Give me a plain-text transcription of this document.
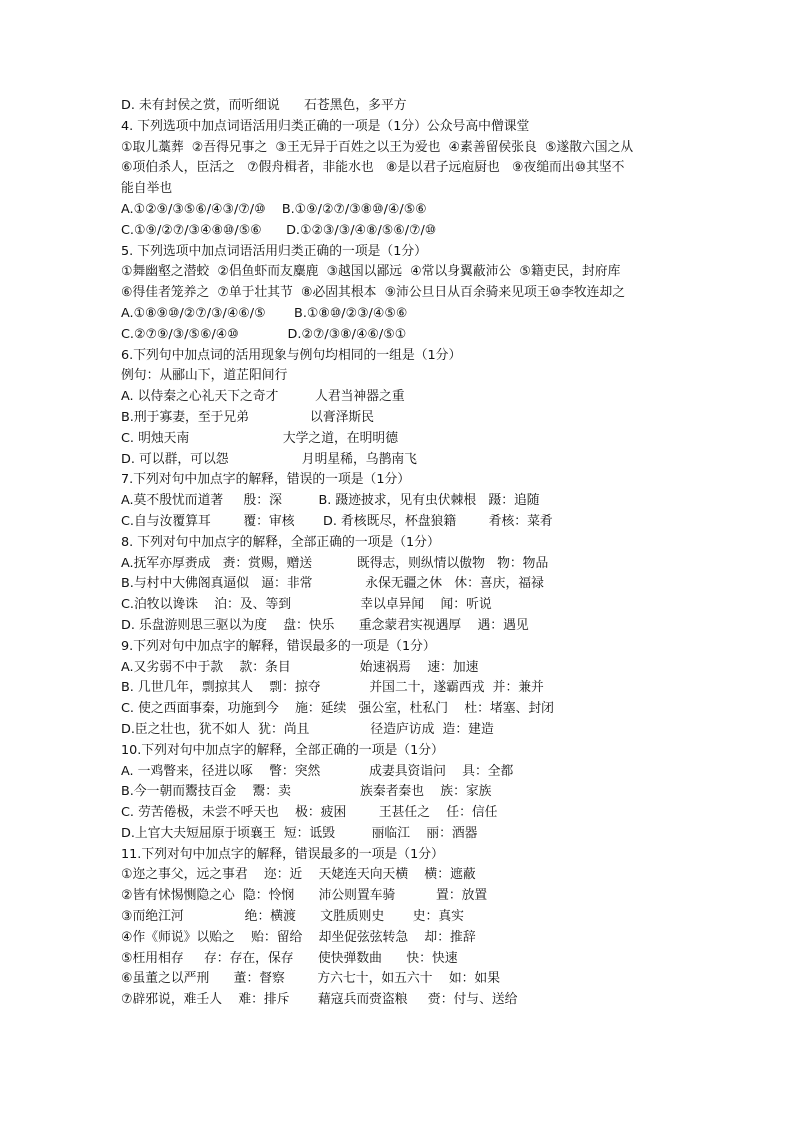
D. 未有封侯之赏，而听细说      石苍黑色，多平方
4. 下列选项中加点词语活用归类正确的一项是（1分）公众号高中僧课堂
①取儿藁葬  ②吾得兄事之  ③王无异于百姓之以王为爱也  ④素善留侯张良  ⑤遂散六国之从
⑥项伯杀人，臣活之   ⑦假舟楫者，非能水也   ⑧是以君子远庖厨也   ⑨夜缒而出⑩其坚不
能自举也
A.①②⑨/③⑤⑥/④③/⑦/⑩    B.①⑨/②⑦/③⑧⑩/④/⑤⑥
C.①⑨/②⑦/③④⑧⑩/⑤⑥      D.①②③/③/④⑧/⑤⑥/⑦/⑩
5. 下列选项中加点词语活用归类正确的一项是（1分）
①舞幽壑之潜蛟  ②侣鱼虾而友麋鹿  ③越国以鄙远  ④常以身翼蔽沛公  ⑤籍吏民，封府库
⑥得佳者笼养之  ⑦单于壮其节  ⑧必固其根本  ⑨沛公旦日从百余骑来见项王⑩李牧连却之
A.①⑧⑨⑩/②⑦/③/④⑥/⑤       B.①⑧⑩/②③/④⑤⑥
C.②⑦⑨/③/⑤⑥/④⑩            D.②⑦/③⑧/④⑥/⑤①
6.下列句中加点词的活用现象与例句均相同的一组是（1分）
例句：从郦山下，道芷阳间行
A. 以侍秦之心礼天下之奇才         人君当神器之重
B.刑于寡妻，至于兄弟               以膏泽斯民
C. 明烛天南                       大学之道，在明明德
D. 可以群，可以怨                  月明星稀，乌鹊南飞
7.下列对句中加点字的解释，错误的一项是（1分）
A.莫不殷忧而道著     殷：深         B. 蹑迹披求，见有虫伏棘根   蹑：追随
C.自与汝覆算耳        覆：审核       D. 肴核既尽，杯盘狼籍        肴核：菜肴
8. 下列对句中加点字的解释，全部正确的一项是（1分）
A.抚军亦厚赉成   赉：赏赐，赠送           既得志，则纵情以傲物   物：物品
B.与村中大佛阁真逼似   逼：非常             永保无疆之休   休：喜庆，福禄
C.泊牧以谗诛    泊：及、等到                 幸以卓异闻    闻：听说
D. 乐盘游则思三驱以为度    盘：快乐      重念蒙君实视遇厚    遇：遇见
9.下列对句中加点字的解释，错误最多的一项是（1分）
A.又劣弱不中于款    款：条目                 始速祸焉    速：加速
B. 几世几年，剽掠其人    剽：掠夺            并国二十，遂霸西戎  并：兼并
C. 使之西面事秦，功施到今    施：延续   强公室，杜私门    杜：堵塞、封闭
D.臣之壮也，犹不如人  犹：尚且               径造庐访成  造：建造
10.下列对句中加点字的解释，全部正确的一项是（1分）
A. 一鸡瞥来，径进以啄    瞥：突然            成妻具资诣问    具：全都
B.今一朝而鬻技百金    鬻：卖                 族秦者秦也    族：家族
C. 劳苦倦极，未尝不呼天也    极：疲困        王甚任之    任：信任
D.上官大夫短屈原于顷襄王  短：诋毁         丽临江    丽：酒器
11.下列对句中加点字的解释，错误最多的一项是（1分）
①迩之事父，远之事君    迩：近    天姥连天向天横    横：遮蔽
②皆有怵惕恻隐之心  隐：怜悯      沛公则置车骑          置：放置
③而绝江河               绝：横渡      文胜质则史       史：真实
④作《师说》以贻之    贻：留给    却坐促弦弦转急    却：推辞
⑤枉用相存     存：存在，保存      使快弹数曲      快：快速
⑥虽董之以严刑      董：督察        方六七十，如五六十    如：如果
⑦辟邪说，难壬人    难：排斥       藉寇兵而赍盗粮     赍：付与、送给
